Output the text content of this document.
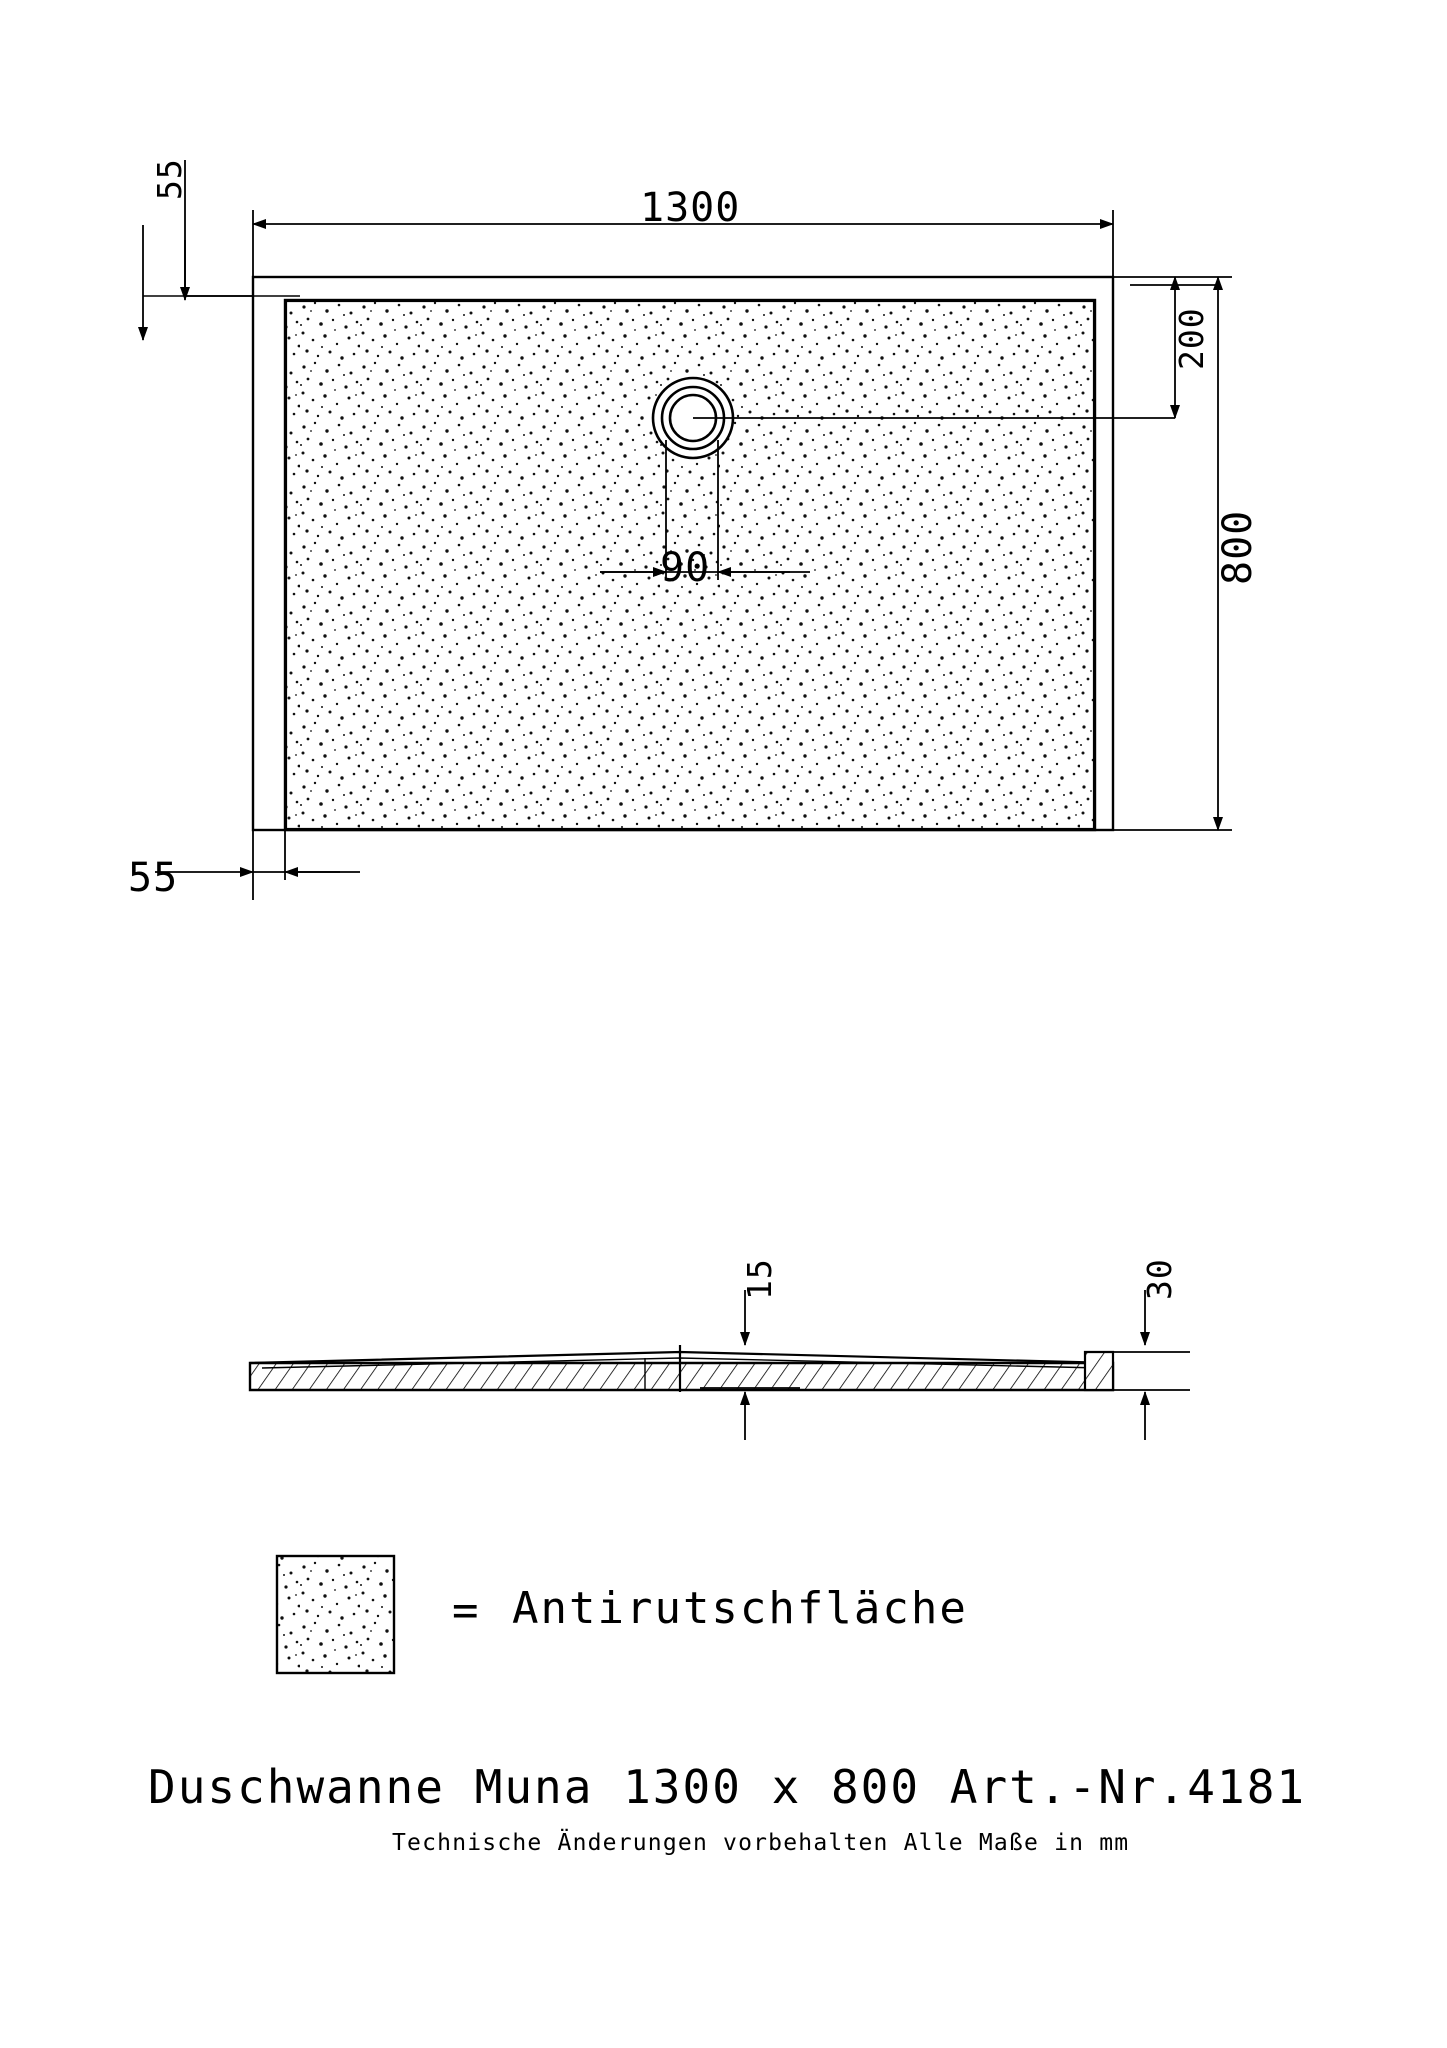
55
1300
200
800
90
55
15	30
= Antirutschfläche
Duschwanne Muna 1300 x 800 Art.-Nr.4181
Technische Änderungen vorbehalten Alle Maße in mm
